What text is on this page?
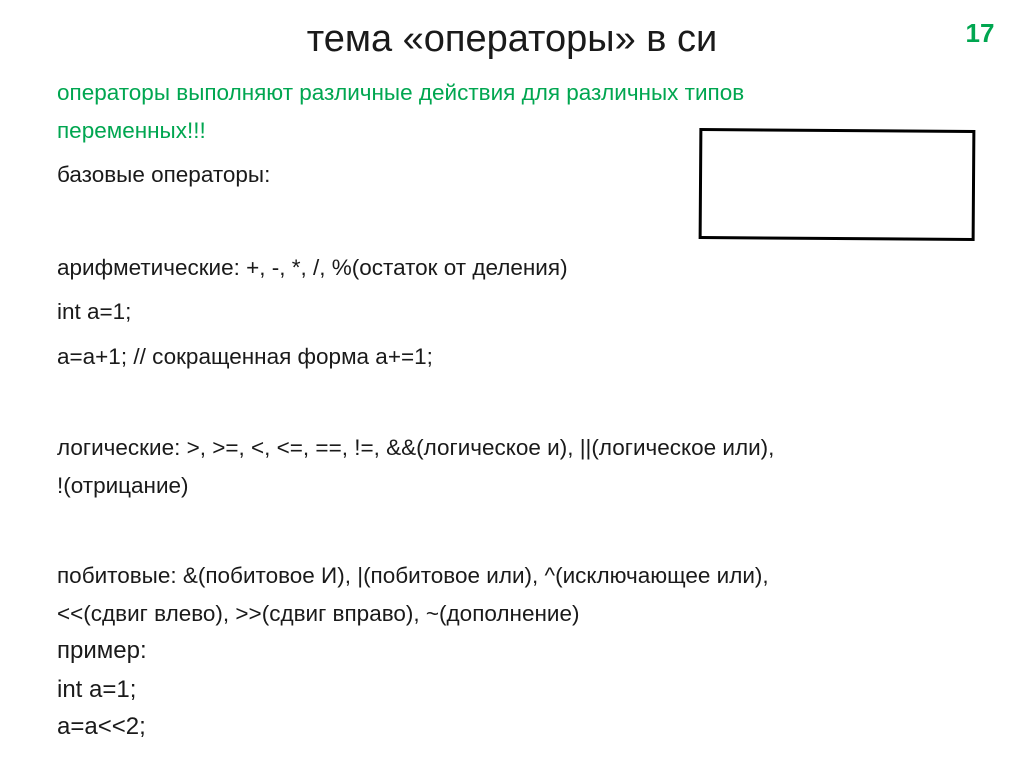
тема «операторы» в си	17
операторы выполняют различные действия для различных типов
переменных!!!
базовые операторы:
арифметические: +, -, *, /, %(остаток от деления)
int a=1;
a=a+1; // сокращенная форма a+=1;
логические: >, >=, <, <=, ==, !=, &&(логическое и), ||(логическое или),
!(отрицание)
побитовые: &(побитовое И), |(побитовое или), ^(исключающее или),
<<(сдвиг влево), >>(сдвиг вправо), ~(дополнение)
пример:
int a=1;
a=a<<2;
